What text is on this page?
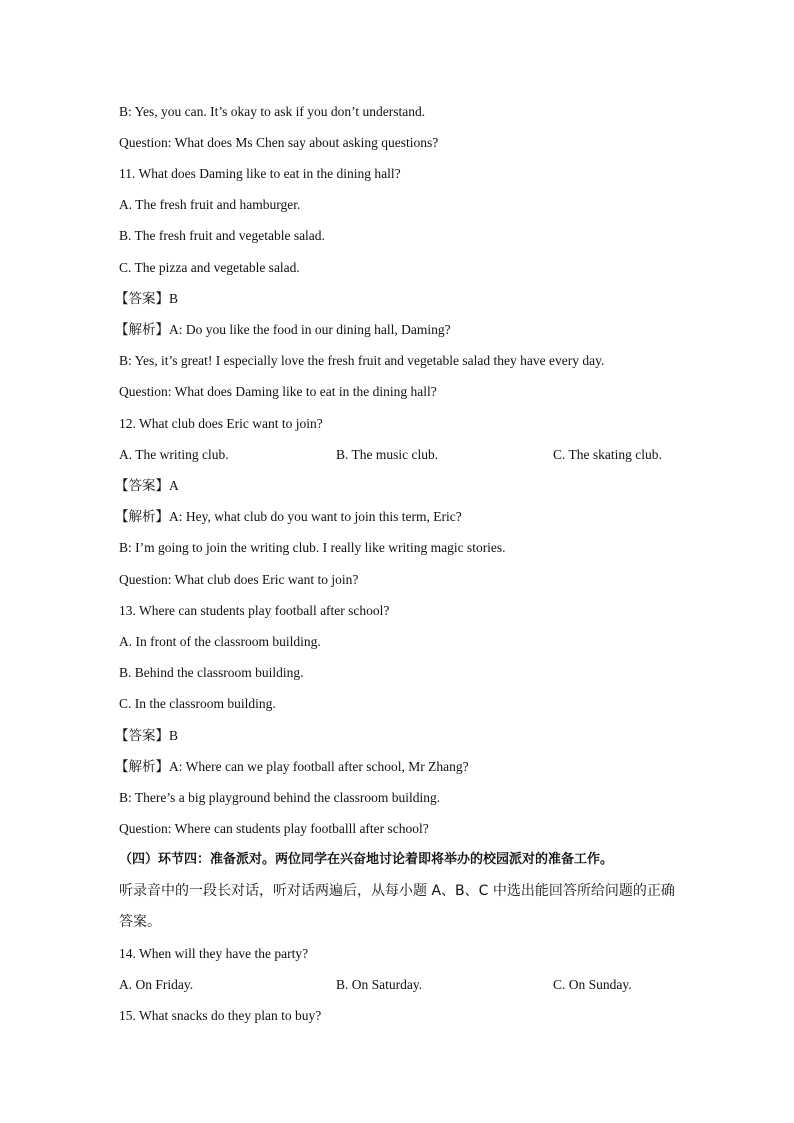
B: Yes, you can. It’s okay to ask if you don’t understand.
Question: What does Ms Chen say about asking questions?
11. What does Daming like to eat in the dining hall?
A. The fresh fruit and hamburger.
B. The fresh fruit and vegetable salad.
C. The pizza and vegetable salad.
【答案】B
【解析】A: Do you like the food in our dining hall, Daming?
B: Yes, it’s great! I especially love the fresh fruit and vegetable salad they have every day.
Question: What does Daming like to eat in the dining hall?
12. What club does Eric want to join?
A. The writing club.	B. The music club.	C. The skating club.
【答案】A
【解析】A: Hey, what club do you want to join this term, Eric?
B: I’m going to join the writing club. I really like writing magic stories.
Question: What club does Eric want to join?
13. Where can students play football after school?
A. In front of the classroom building.
B. Behind the classroom building.
C. In the classroom building.
【答案】B
【解析】A: Where can we play football after school, Mr Zhang?
B: There’s a big playground behind the classroom building.
Question: Where can students play footballl after school?
（四）环节四：准备派对。两位同学在兴奋地讨论着即将举办的校园派对的准备工作。
听录音中的一段长对话，听对话两遍后，从每小题 A、B、C 中选出能回答所给问题的正确答案。
14. When will they have the party?
A. On Friday.	B. On Saturday.	C. On Sunday.
15. What snacks do they plan to buy?
